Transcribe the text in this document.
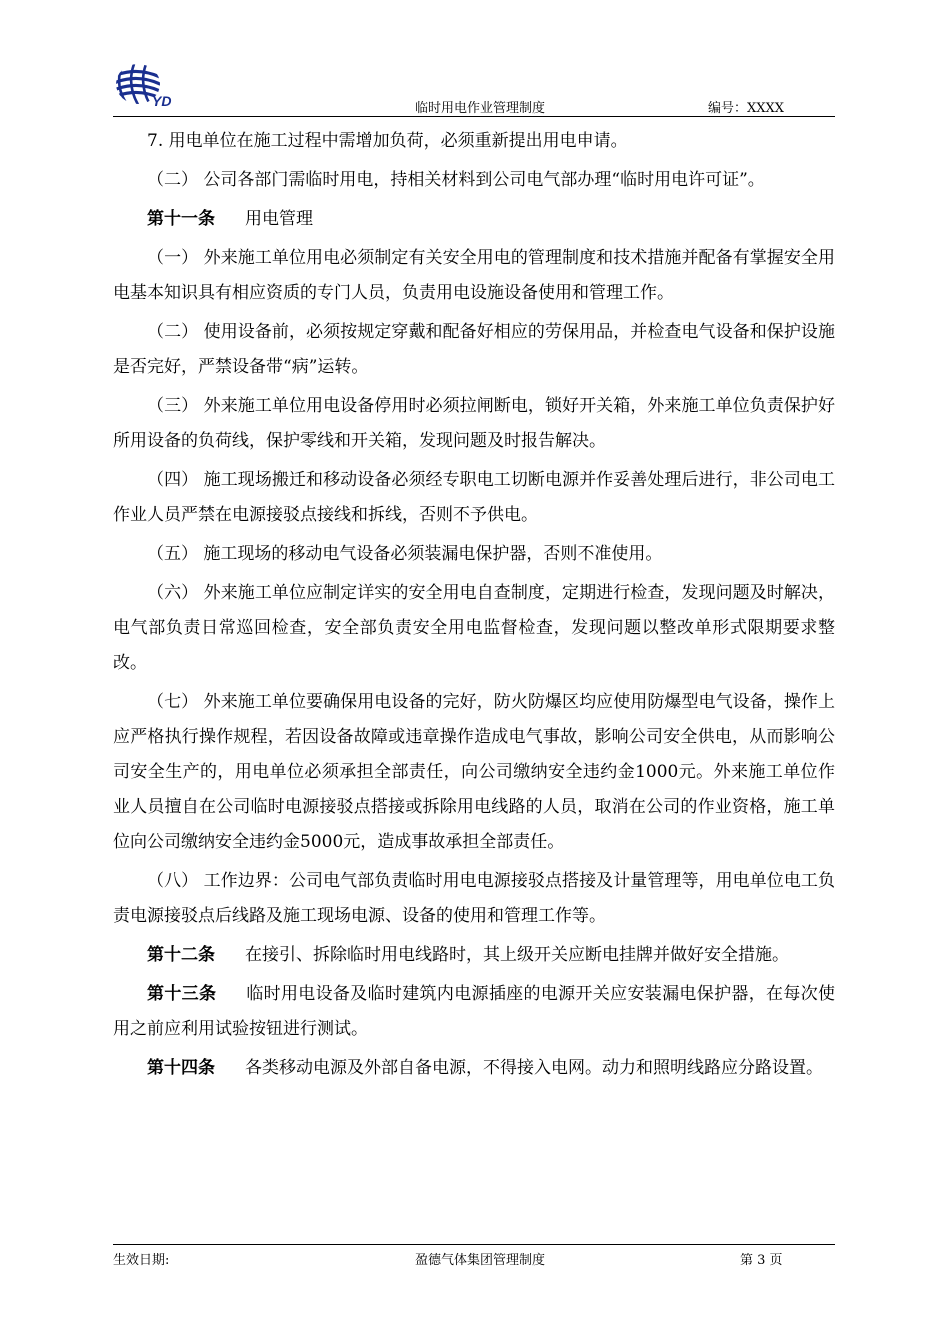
YD	临时用电作业管理制度	编号：XXXX

7. 用电单位在施工过程中需增加负荷，必须重新提出用电申请。

（二） 公司各部门需临时用电，持相关材料到公司电气部办理“临时用电许可证”。

第十一条 用电管理

（一） 外来施工单位用电必须制定有关安全用电的管理制度和技术措施并配备有掌握安全用电基本知识具有相应资质的专门人员，负责用电设施设备使用和管理工作。

（二） 使用设备前，必须按规定穿戴和配备好相应的劳保用品，并检查电气设备和保护设施是否完好，严禁设备带“病”运转。

（三） 外来施工单位用电设备停用时必须拉闸断电，锁好开关箱，外来施工单位负责保护好所用设备的负荷线，保护零线和开关箱，发现问题及时报告解决。

（四） 施工现场搬迁和移动设备必须经专职电工切断电源并作妥善处理后进行，非公司电工作业人员严禁在电源接驳点接线和拆线，否则不予供电。

（五） 施工现场的移动电气设备必须装漏电保护器，否则不准使用。

（六） 外来施工单位应制定详实的安全用电自查制度，定期进行检查，发现问题及时解决，电气部负责日常巡回检查，安全部负责安全用电监督检查，发现问题以整改单形式限期要求整改。

（七） 外来施工单位要确保用电设备的完好，防火防爆区均应使用防爆型电气设备，操作上应严格执行操作规程，若因设备故障或违章操作造成电气事故，影响公司安全供电，从而影响公司安全生产的，用电单位必须承担全部责任，向公司缴纳安全违约金1000元。外来施工单位作业人员擅自在公司临时电源接驳点搭接或拆除用电线路的人员，取消在公司的作业资格，施工单位向公司缴纳安全违约金5000元，造成事故承担全部责任。

（八） 工作边界：公司电气部负责临时用电电源接驳点搭接及计量管理等，用电单位电工负责电源接驳点后线路及施工现场电源、设备的使用和管理工作等。

第十二条 在接引、拆除临时用电线路时，其上级开关应断电挂牌并做好安全措施。

第十三条 临时用电设备及临时建筑内电源插座的电源开关应安装漏电保护器，在每次使用之前应利用试验按钮进行测试。

第十四条 各类移动电源及外部自备电源，不得接入电网。动力和照明线路应分路设置。

生效日期:	盈德气体集团管理制度	第 3 页
